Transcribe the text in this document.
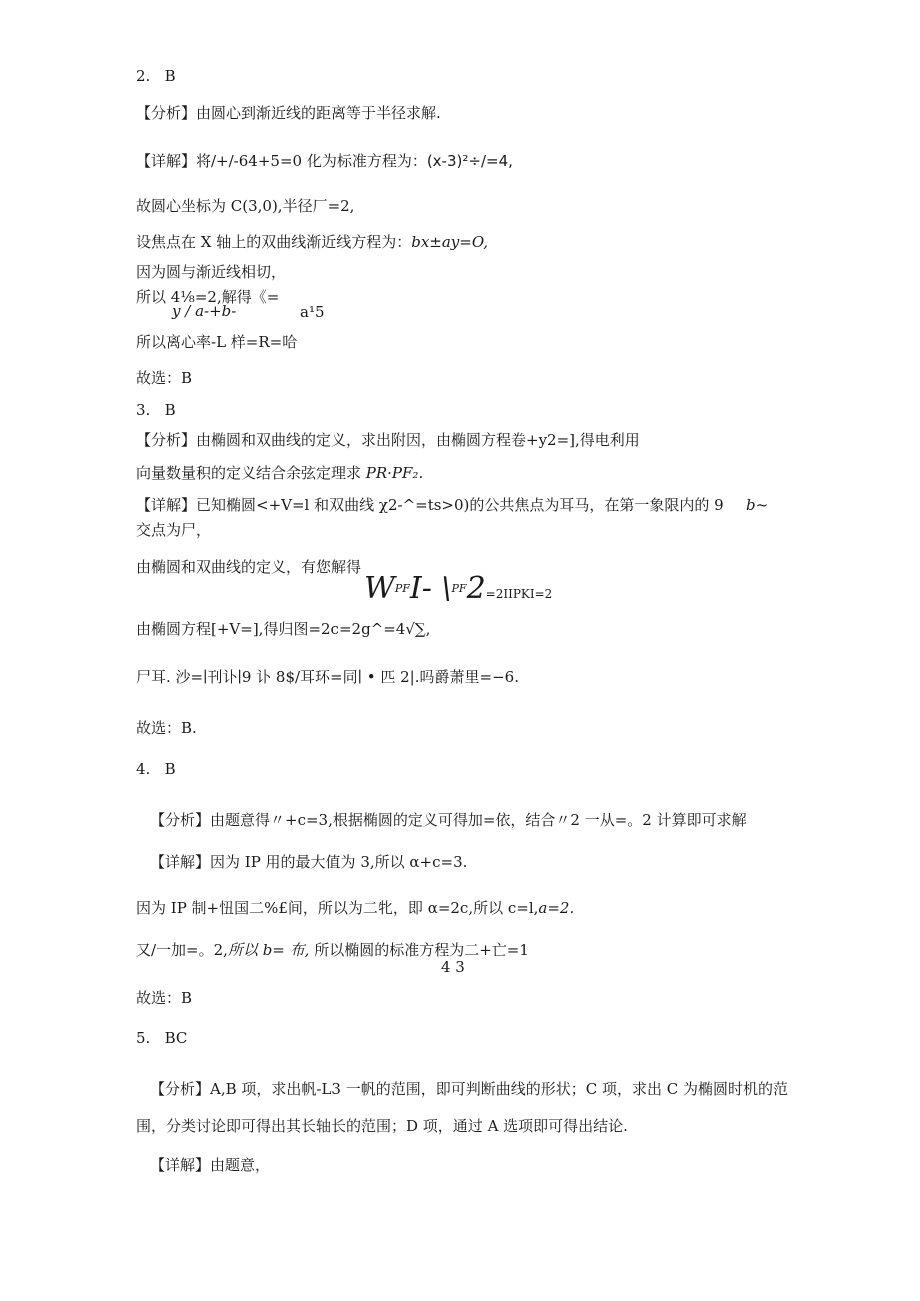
2. B
【分析】由圆心到渐近线的距离等于半径求解.
【详解】将/+/-64+5=0 化为标准方程为：(x-3)²÷/=4,
故圆心坐标为 C(3,0),半径厂=2,
设焦点在 X 轴上的双曲线渐近线方程为：bx±ay=O,
因为圆与渐近线相切，
所以 4⅛=2,解得《=
y / a-+b-	a¹5
所以离心率-L 样=R=哈
故选：B
3. B
【分析】由椭圆和双曲线的定义，求出附因，由椭圆方程卷+y2=],得电利用
向量数量积的定义结合余弦定理求 PR·PF₂.
【详解】已知椭圆<+V=l 和双曲线 χ2-^=ts>0)的公共焦点为耳马，在第一象限内的 9 b~
交点为尸，
由椭圆和双曲线的定义，有您解得
$W^{PF}I-$ \$^{PF}$2=2IIPKI=2
由椭圆方程[+V=],得归图=2c=2g^=4√∑,
尸耳. 沙=∣刊讣∣9 讣 8$/耳环=同∣ • 匹 2|.吗爵萧里=−6.
故选：B.
4. B
【分析】由题意得〃+c=3,根据椭圆的定义可得加=依，结合〃2 一从=。2 计算即可求解
【详解】因为 IP 用的最大值为 3,所以 α+c=3.
因为 IP 制+忸国二%£间，所以为二牝，即 α=2c,所以 c=l,a=2.
又/一加=。2,所以 b= 布, 所以椭圆的标准方程为二+亡=1
4 3
故选：B
5. BC
【分析】A,B 项，求出帆-L3 一帆的范围，即可判断曲线的形状；C 项，求出 C 为椭圆时机的范
围，分类讨论即可得出其长轴长的范围；D 项，通过 A 选项即可得出结论.
【详解】由题意，
